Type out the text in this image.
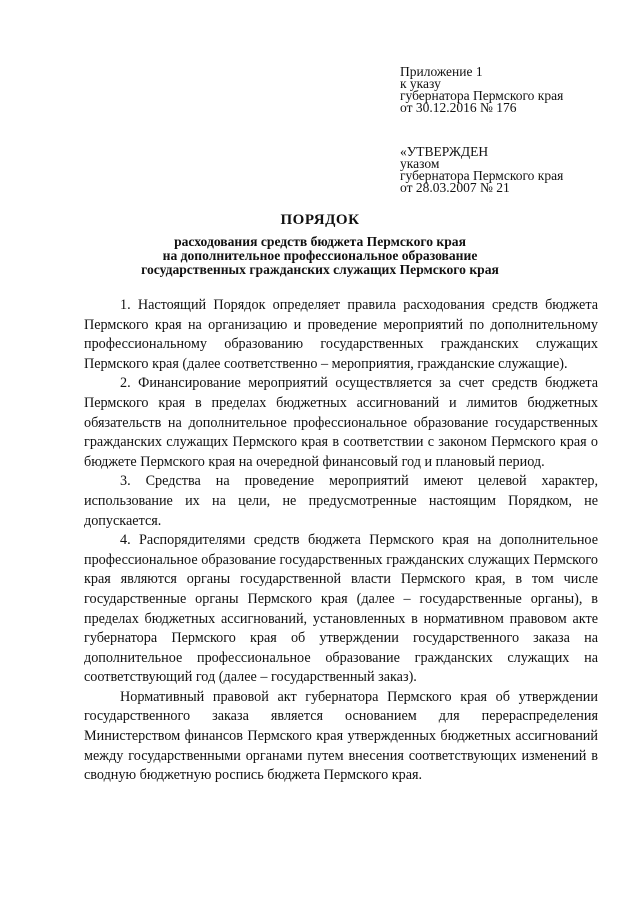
Приложение 1
к указу
губернатора Пермского края
от 30.12.2016 № 176
«УТВЕРЖДЕН
указом
губернатора Пермского края
от 28.03.2007 № 21
ПОРЯДОК
расходования средств бюджета Пермского края
на дополнительное профессиональное образование
государственных гражданских служащих Пермского края

1. Настоящий Порядок определяет правила расходования средств бюджета Пермского края на организацию и проведение мероприятий по дополнительному профессиональному образованию государственных гражданских служащих Пермского края (далее соответственно – мероприятия, гражданские служащие).

2. Финансирование мероприятий осуществляется за счет средств бюджета Пермского края в пределах бюджетных ассигнований и лимитов бюджетных обязательств на дополнительное профессиональное образование государственных гражданских служащих Пермского края в соответствии с законом Пермского края о бюджете Пермского края на очередной финансовый год и плановый период.

3. Средства на проведение мероприятий имеют целевой характер, использование их на цели, не предусмотренные настоящим Порядком, не допускается.

4. Распорядителями средств бюджета Пермского края на дополнительное профессиональное образование государственных гражданских служащих Пермского края являются органы государственной власти Пермского края, в том числе государственные органы Пермского края (далее – государственные органы), в пределах бюджетных ассигнований, установленных в нормативном правовом акте губернатора Пермского края об утверждении государственного заказа на дополнительное профессиональное образование гражданских служащих на соответствующий год (далее – государственный заказ).

Нормативный правовой акт губернатора Пермского края об утверждении государственного заказа является основанием для перераспределения Министерством финансов Пермского края утвержденных бюджетных ассигнований между государственными органами путем внесения соответствующих изменений в сводную бюджетную роспись бюджета Пермского края.
